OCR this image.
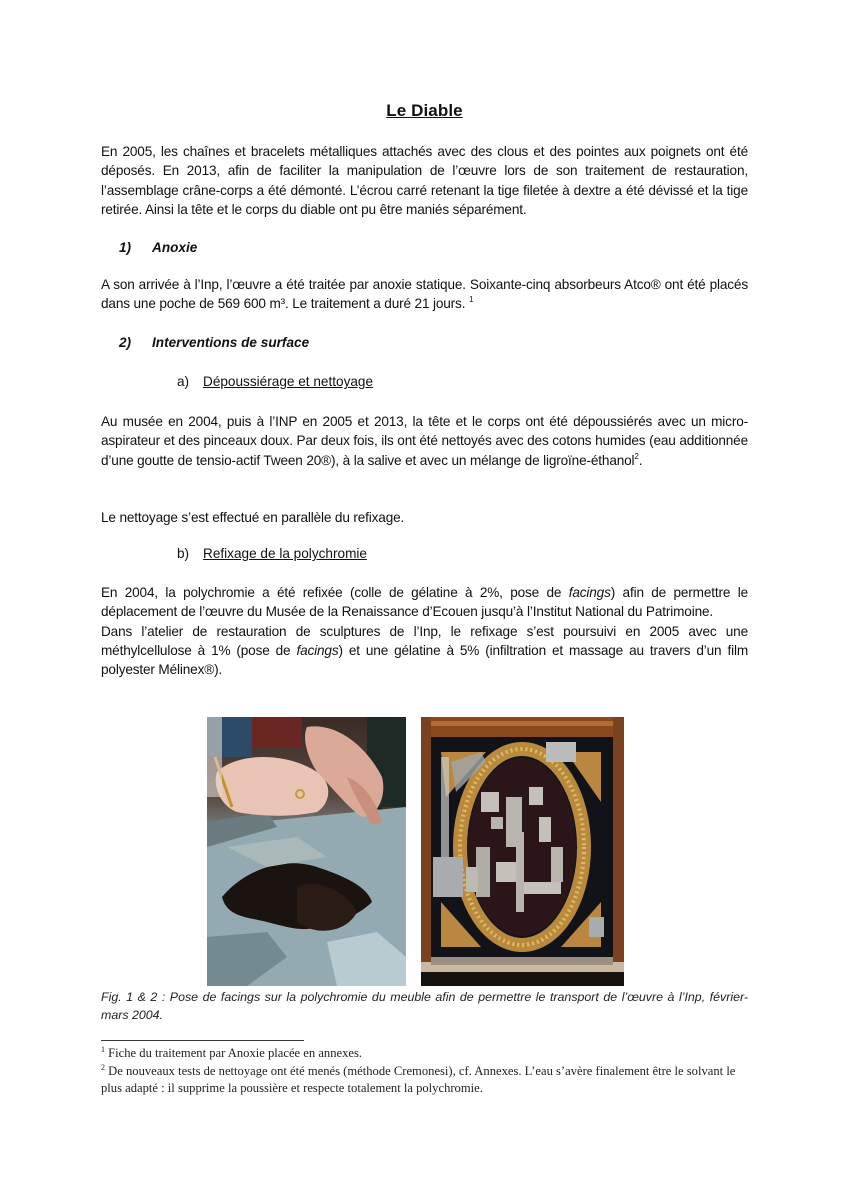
Le Diable

En 2005, les chaînes et bracelets métalliques attachés avec des clous et des pointes aux poignets ont été déposés. En 2013, afin de faciliter la manipulation de l’œuvre lors de son traitement de restauration, l’assemblage crâne-corps a été démonté. L’écrou carré retenant la tige filetée à dextre a été dévissé et la tige retirée. Ainsi la tête et le corps du diable ont pu être maniés séparément.

1) Anoxie

A son arrivée à l’Inp, l’œuvre a été traitée par anoxie statique. Soixante-cinq absorbeurs Atco® ont été placés dans une poche de 569 600 m³. Le traitement a duré 21 jours. $^1$

2) Interventions de surface
a) Dépoussiérage et nettoyage

Au musée en 2004, puis à l’INP en 2005 et 2013, la tête et le corps ont été dépoussiérés avec un micro-aspirateur et des pinceaux doux. Par deux fois, ils ont été nettoyés avec des cotons humides (eau additionnée d’une goutte de tensio-actif Tween 20®), à la salive et avec un mélange de ligroïne-éthanol$^2$.

Le nettoyage s’est effectué en parallèle du refixage.

b) Refixage de la polychromie

En 2004, la polychromie a été refixée (colle de gélatine à 2%, pose de facings) afin de permettre le déplacement de l’œuvre du Musée de la Renaissance d’Ecouen jusqu’à l’Institut National du Patrimoine.

Dans l’atelier de restauration de sculptures de l’Inp, le refixage s’est poursuivi en 2005 avec une méthylcellulose à 1% (pose de facings) et une gélatine à 5% (infiltration et massage au travers d’un film polyester Mélinex®).

Fig. 1 & 2 : Pose de facings sur la polychromie du meuble afin de permettre le transport de l’œuvre à l’Inp, février-mars 2004.

$^1$ Fiche du traitement par Anoxie placée en annexes.

$^2$ De nouveaux tests de nettoyage ont été menés (méthode Cremonesi), cf. Annexes. L’eau s’avère finalement être le solvant le plus adapté : il supprime la poussière et respecte totalement la polychromie.
